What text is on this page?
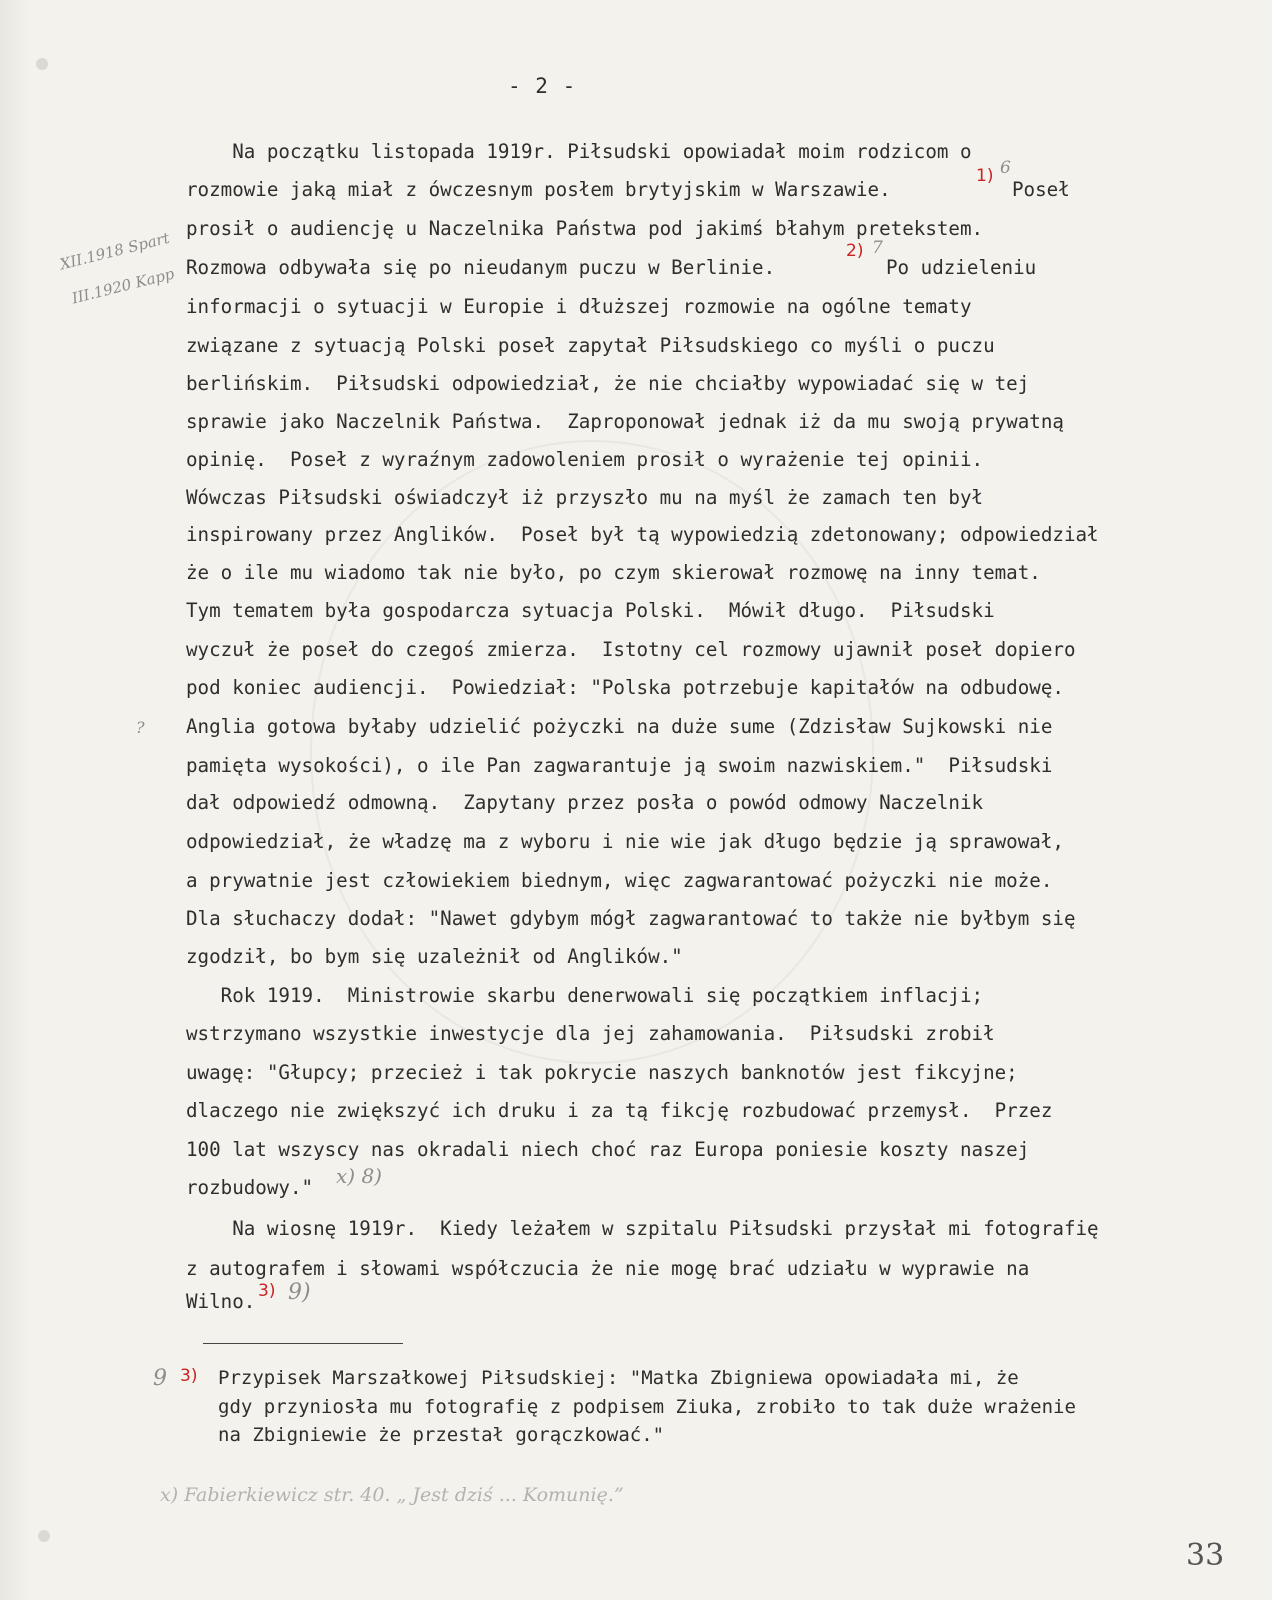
- 2 -
Na początku listopada 1919r. Piłsudski opowiadał moim rodzicom o
rozmowie jaką miał z ówczesnym posłem brytyjskim w Warszawie.
1) 6
Poseł
prosił o audiencję u Naczelnika Państwa pod jakimś błahym pretekstem.
Rozmowa odbywała się po nieudanym puczu w Berlinie.
2) 7
Po udzieleniu
informacji o sytuacji w Europie i dłuższej rozmowie na ogólne tematy
związane z sytuacją Polski poseł zapytał Piłsudskiego co myśli o puczu
berlińskim.  Piłsudski odpowiedział, że nie chciałby wypowiadać się w tej
sprawie jako Naczelnik Państwa.  Zaproponował jednak iż da mu swoją prywatną
opinię.  Poseł z wyraźnym zadowoleniem prosił o wyrażenie tej opinii.
Wówczas Piłsudski oświadczył iż przyszło mu na myśl że zamach ten był
inspirowany przez Anglików.  Poseł był tą wypowiedzią zdetonowany; odpowiedział
że o ile mu wiadomo tak nie było, po czym skierował rozmowę na inny temat.
Tym tematem była gospodarcza sytuacja Polski.  Mówił długo.  Piłsudski
wyczuł że poseł do czegoś zmierza.  Istotny cel rozmowy ujawnił poseł dopiero
pod koniec audiencji.  Powiedział: "Polska potrzebuje kapitałów na odbudowę.
Anglia gotowa byłaby udzielić pożyczki na duże sume (Zdzisław Sujkowski nie
pamięta wysokości), o ile Pan zagwarantuje ją swoim nazwiskiem."  Piłsudski
dał odpowiedź odmowną.  Zapytany przez posła o powód odmowy Naczelnik
odpowiedział, że władzę ma z wyboru i nie wie jak długo będzie ją sprawował,
a prywatnie jest człowiekiem biednym, więc zagwarantować pożyczki nie może.
Dla słuchaczy dodał: "Nawet gdybym mógł zagwarantować to także nie byłbym się
zgodził, bo bym się uzależnił od Anglików."
Rok 1919.  Ministrowie skarbu denerwowali się początkiem inflacji;
wstrzymano wszystkie inwestycje dla jej zahamowania.  Piłsudski zrobił
uwagę: "Głupcy; przecież i tak pokrycie naszych banknotów jest fikcyjne;
dlaczego nie zwiększyć ich druku i za tą fikcję rozbudować przemysł.  Przez
100 lat wszyscy nas okradali niech choć raz Europa poniesie koszty naszej
rozbudowy." x) 8)
Na wiosnę 1919r.  Kiedy leżałem w szpitalu Piłsudski przysłał mi fotografię
z autografem i słowami współczucia że nie mogę brać udziału w wyprawie na
Wilno. 3) 9)
XII.1918 Spart
III.1920 Kapp
?
9 3) Przypisek Marszałkowej Piłsudskiej: "Matka Zbigniewa opowiadała mi, że
gdy przyniosła mu fotografię z podpisem Ziuka, zrobiło to tak duże wrażenie
na Zbigniewie że przestał gorączkować."
x) Fabierkiewicz str. 40. „ Jest dziś ... Komunię.”
33
